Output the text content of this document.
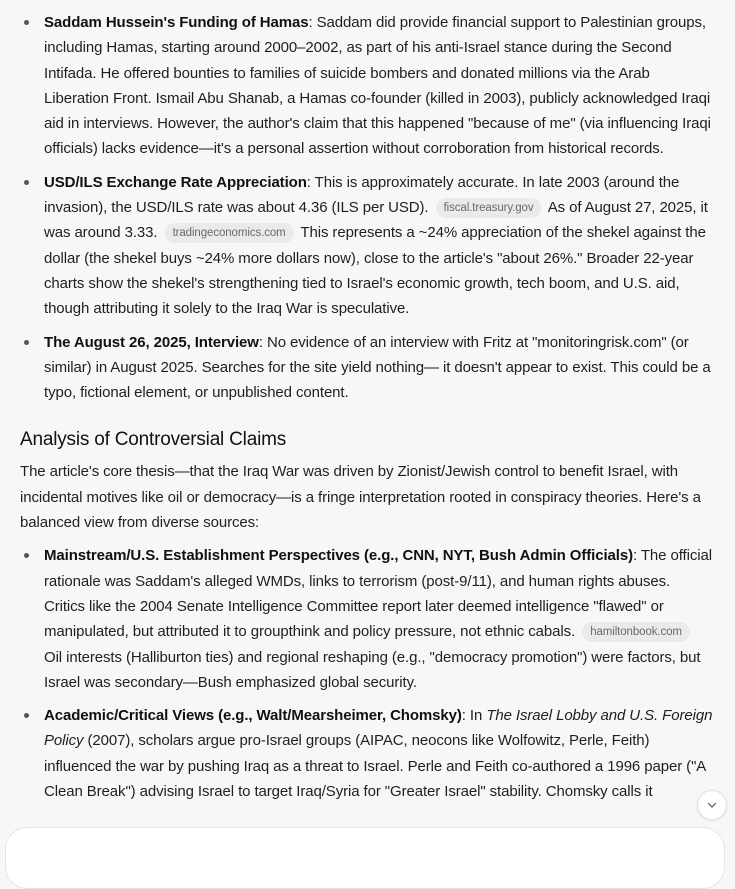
Saddam Hussein's Funding of Hamas: Saddam did provide financial support to Palestinian groups, including Hamas, starting around 2000–2002, as part of his anti-Israel stance during the Second Intifada. He offered bounties to families of suicide bombers and donated millions via the Arab Liberation Front. Ismail Abu Shanab, a Hamas co-founder (killed in 2003), publicly acknowledged Iraqi aid in interviews. However, the author's claim that this happened "because of me" (via influencing Iraqi officials) lacks evidence—it's a personal assertion without corroboration from historical records.
USD/ILS Exchange Rate Appreciation: This is approximately accurate. In late 2003 (around the invasion), the USD/ILS rate was about 4.36 (ILS per USD). fiscal.treasury.gov As of August 27, 2025, it was around 3.33. tradingeconomics.com This represents a ~24% appreciation of the shekel against the dollar (the shekel buys ~24% more dollars now), close to the article's "about 26%." Broader 22-year charts show the shekel's strengthening tied to Israel's economic growth, tech boom, and U.S. aid, though attributing it solely to the Iraq War is speculative.
The August 26, 2025, Interview: No evidence of an interview with Fritz at "monitoringrisk.com" (or similar) in August 2025. Searches for the site yield nothing— it doesn't appear to exist. This could be a typo, fictional element, or unpublished content.
Analysis of Controversial Claims

The article's core thesis—that the Iraq War was driven by Zionist/Jewish control to benefit Israel, with incidental motives like oil or democracy—is a fringe interpretation rooted in conspiracy theories. Here's a balanced view from diverse sources:

Mainstream/U.S. Establishment Perspectives (e.g., CNN, NYT, Bush Admin Officials): The official rationale was Saddam's alleged WMDs, links to terrorism (post-9/11), and human rights abuses. Critics like the 2004 Senate Intelligence Committee report later deemed intelligence "flawed" or manipulated, but attributed it to groupthink and policy pressure, not ethnic cabals. hamiltonbook.com Oil interests (Halliburton ties) and regional reshaping (e.g., "democracy promotion") were factors, but Israel was secondary—Bush emphasized global security.
Academic/Critical Views (e.g., Walt/Mearsheimer, Chomsky): In The Israel Lobby and U.S. Foreign Policy (2007), scholars argue pro-Israel groups (AIPAC, neocons like Wolfowitz, Perle, Feith) influenced the war by pushing Iraq as a threat to Israel. Perle and Feith co-authored a 1996 paper ("A Clean Break") advising Israel to target Iraq/Syria for "Greater Israel" stability. Chomsky calls it
